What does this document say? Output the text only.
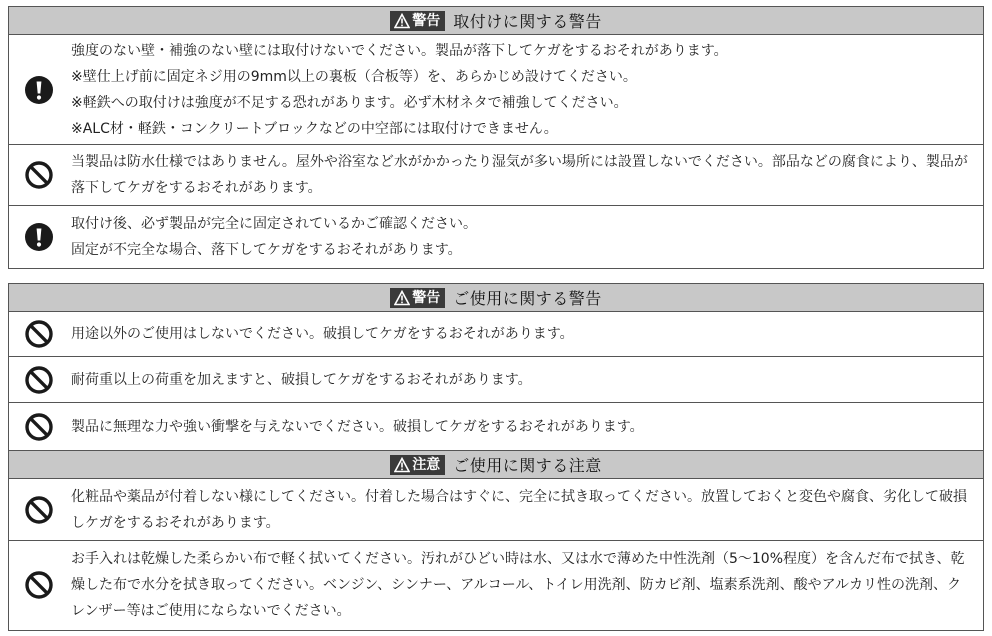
警告 取付けに関する警告
強度のない壁・補強のない壁には取付けないでください。製品が落下してケガをするおそれがあります。
※壁仕上げ前に固定ネジ用の9mm以上の裏板（合板等）を、あらかじめ設けてください。
※軽鉄への取付けは強度が不足する恐れがあります。必ず木材ネタで補強してください。
※ALC材・軽鉄・コンクリートブロックなどの中空部には取付けできません。
当製品は防水仕様ではありません。屋外や浴室など水がかかったり湿気が多い場所には設置しないでください。部品などの腐食により、製品が落下してケガをするおそれがあります。
取付け後、必ず製品が完全に固定されているかご確認ください。
固定が不完全な場合、落下してケガをするおそれがあります。
警告 ご使用に関する警告
用途以外のご使用はしないでください。破損してケガをするおそれがあります。
耐荷重以上の荷重を加えますと、破損してケガをするおそれがあります。
製品に無理な力や強い衝撃を与えないでください。破損してケガをするおそれがあります。
注意 ご使用に関する注意
化粧品や薬品が付着しない様にしてください。付着した場合はすぐに、完全に拭き取ってください。放置しておくと変色や腐食、劣化して破損しケガをするおそれがあります。
お手入れは乾燥した柔らかい布で軽く拭いてください。汚れがひどい時は水、又は水で薄めた中性洗剤（5～10%程度）を含んだ布で拭き、乾燥した布で水分を拭き取ってください。ベンジン、シンナー、アルコール、トイレ用洗剤、防カビ剤、塩素系洗剤、酸やアルカリ性の洗剤、クレンザー等はご使用にならないでください。
